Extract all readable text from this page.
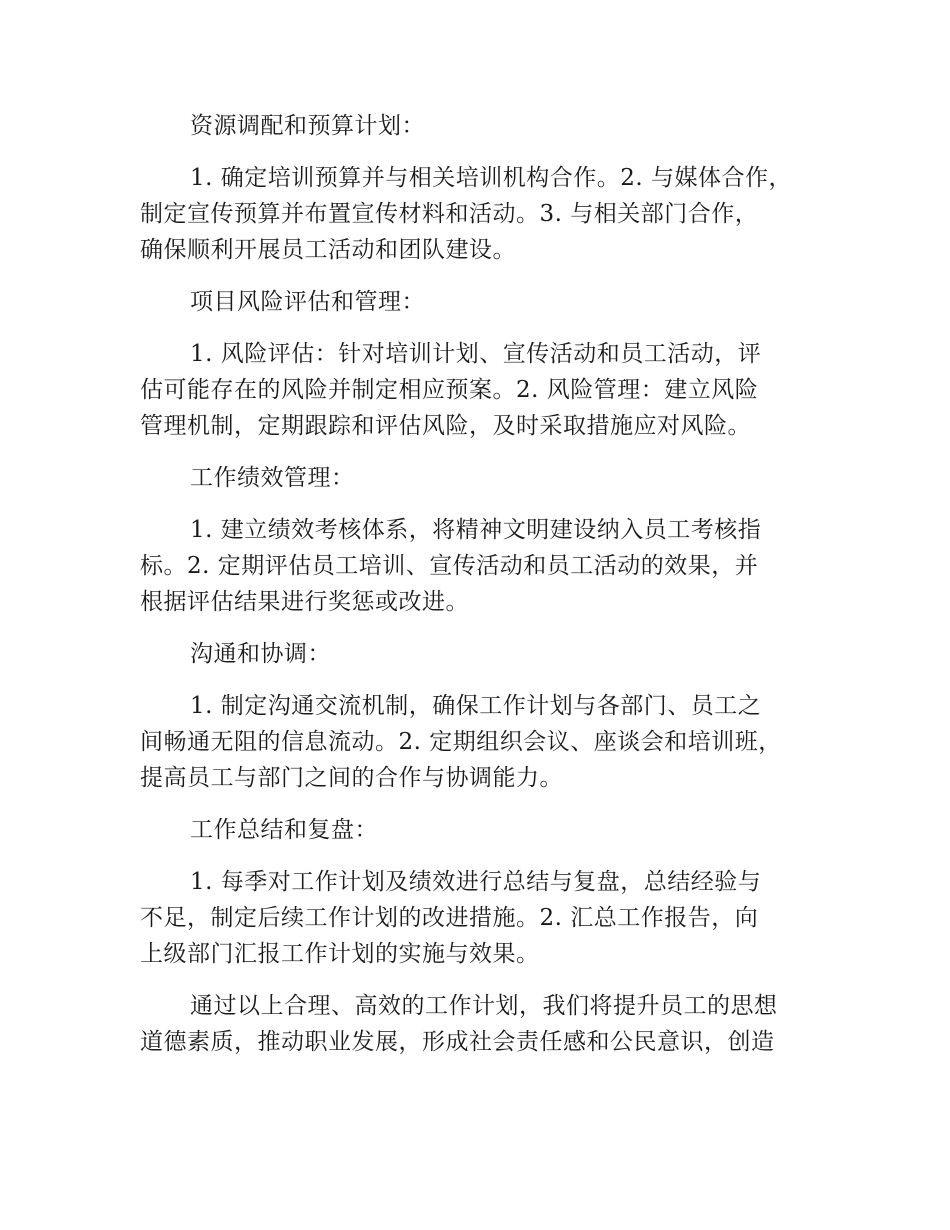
资源调配和预算计划：

1. 确定培训预算并与相关培训机构合作。2. 与媒体合作，
制定宣传预算并布置宣传材料和活动。3. 与相关部门合作，
确保顺利开展员工活动和团队建设。

项目风险评估和管理：

1. 风险评估：针对培训计划、宣传活动和员工活动，评
估可能存在的风险并制定相应预案。2. 风险管理：建立风险
管理机制，定期跟踪和评估风险，及时采取措施应对风险。

工作绩效管理：

1. 建立绩效考核体系，将精神文明建设纳入员工考核指
标。2. 定期评估员工培训、宣传活动和员工活动的效果，并
根据评估结果进行奖惩或改进。

沟通和协调：

1. 制定沟通交流机制，确保工作计划与各部门、员工之
间畅通无阻的信息流动。2. 定期组织会议、座谈会和培训班，
提高员工与部门之间的合作与协调能力。

工作总结和复盘：

1. 每季对工作计划及绩效进行总结与复盘，总结经验与
不足，制定后续工作计划的改进措施。2. 汇总工作报告，向
上级部门汇报工作计划的实施与效果。

通过以上合理、高效的工作计划，我们将提升员工的思想
道德素质，推动职业发展，形成社会责任感和公民意识，创造
